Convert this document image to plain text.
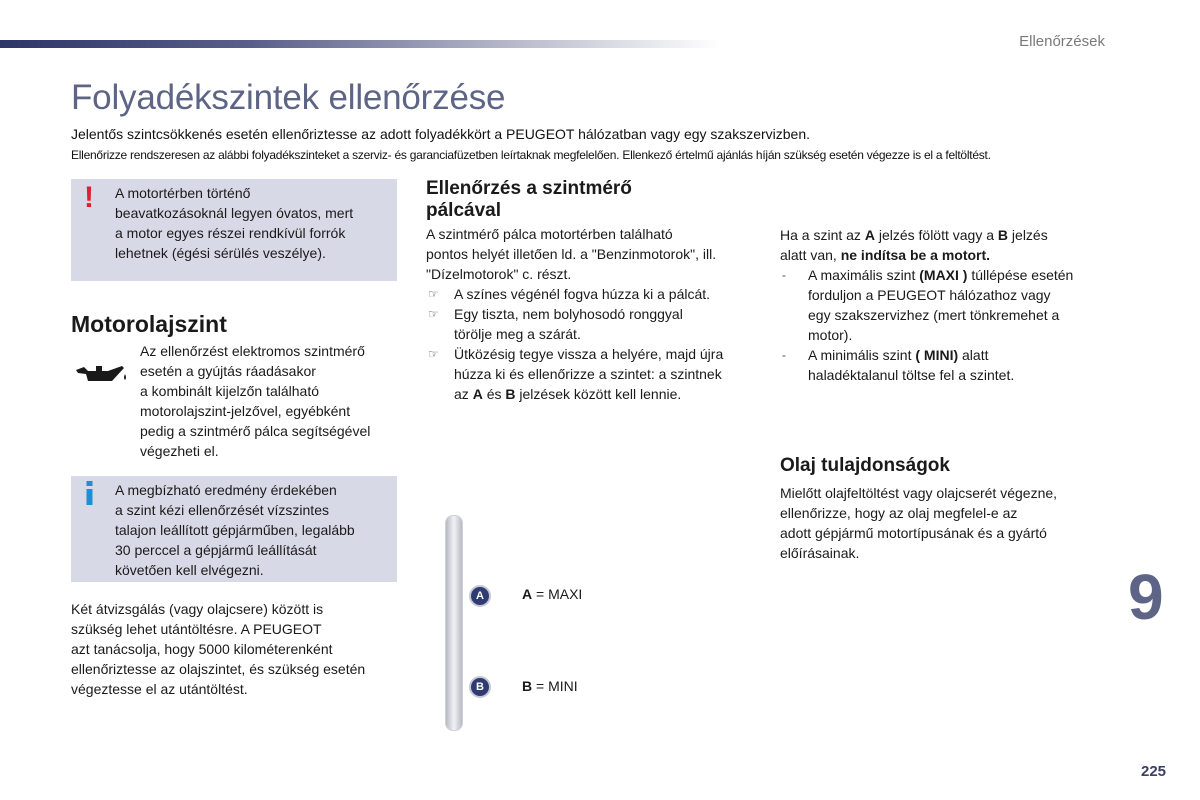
Ellenőrzések
Folyadékszintek ellenőrzése
Jelentős szintcsökkenés esetén ellenőriztesse az adott folyadékkört a PEUGEOT hálózatban vagy egy szakszervizben.
Ellenőrizze rendszeresen az alábbi folyadékszinteket a szerviz- és garanciafüzetben leírtaknak megfelelően. Ellenkező értelmű ajánlás híján szükség esetén végezze is el a feltöltést.
! A motortérben történő
beavatkozásoknál legyen óvatos, mert
a motor egyes részei rendkívül forrók
lehetnek (égési sérülés veszélye).
Motorolajszint
Az ellenőrzést elektromos szintmérő
esetén a gyújtás ráadásakor
a kombinált kijelzőn található
motorolajszint-jelzővel, egyébként
pedig a szintmérő pálca segítségével
végezheti el.
A megbízható eredmény érdekében
a szint kézi ellenőrzését vízszintes
talajon leállított gépjárműben, legalább
30 perccel a gépjármű leállítását
követően kell elvégezni.
Két átvizsgálás (vagy olajcsere) között is
szükség lehet utántöltésre. A PEUGEOT
azt tanácsolja, hogy 5000 kilométerenként
ellenőriztesse az olajszintet, és szükség esetén
végeztesse el az utántöltést.
Ellenőrzés a szintmérő
pálcával
A szintmérő pálca motortérben található
pontos helyét illetően ld. a "Benzinmotorok", ill.
"Dízelmotorok" c. részt.
☞ A színes végénél fogva húzza ki a pálcát.
☞ Egy tiszta, nem bolyhosodó ronggyal
törölje meg a szárát.
☞ Ütközésig tegye vissza a helyére, majd újra
húzza ki és ellenőrizze a szintet: a szintnek
az A és B jelzések között kell lennie.
Ha a szint az A jelzés fölött vagy a B jelzés
alatt van, ne indítsa be a motort.
- A maximális szint (MAXI ) túllépése esetén
forduljon a PEUGEOT hálózathoz vagy
egy szakszervizhez (mert tönkremehet a
motor).
- A minimális szint ( MINI) alatt
haladéktalanul töltse fel a szintet.
Olaj tulajdonságok
Mielőtt olajfeltöltést vagy olajcserét végezne,
ellenőrizze, hogy az olaj megfelel-e az
adott gépjármű motortípusának és a gyártó
előírásainak.
A
B
A = MAXI
B = MINI
9
225
